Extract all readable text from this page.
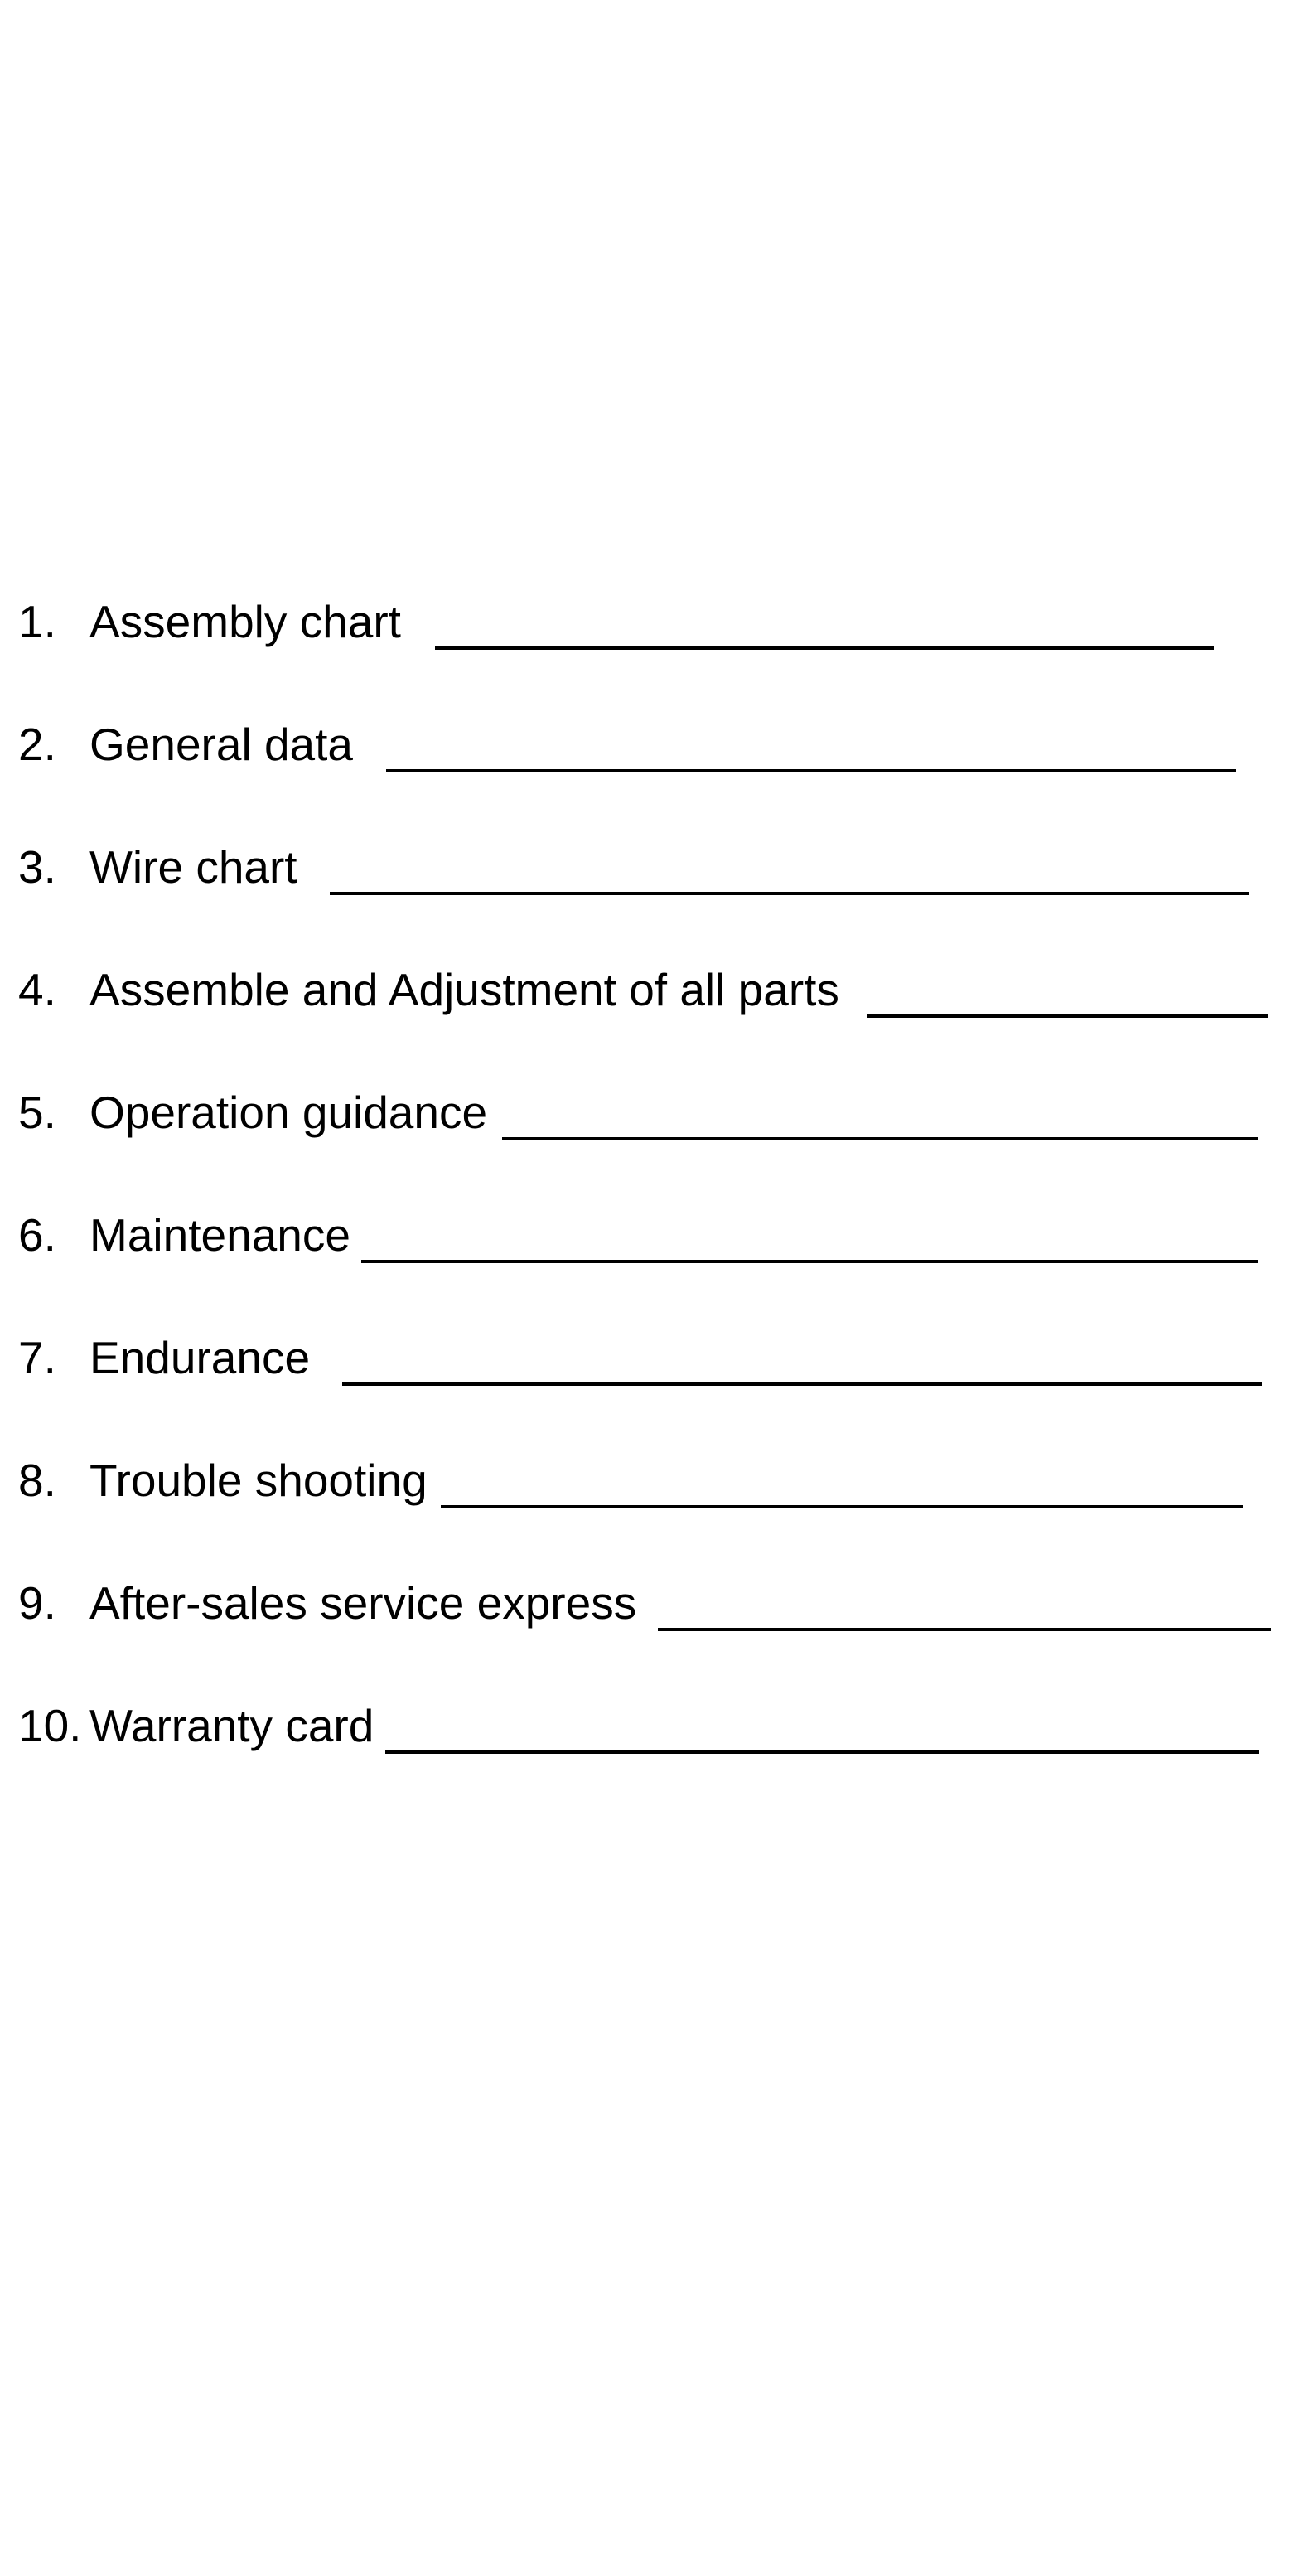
1. Assembly chart
2. General data
3. Wire chart
4. Assemble and Adjustment of all parts
5. Operation guidance
6. Maintenance
7. Endurance
8. Trouble shooting
9. After-sales service express
10. Warranty card
